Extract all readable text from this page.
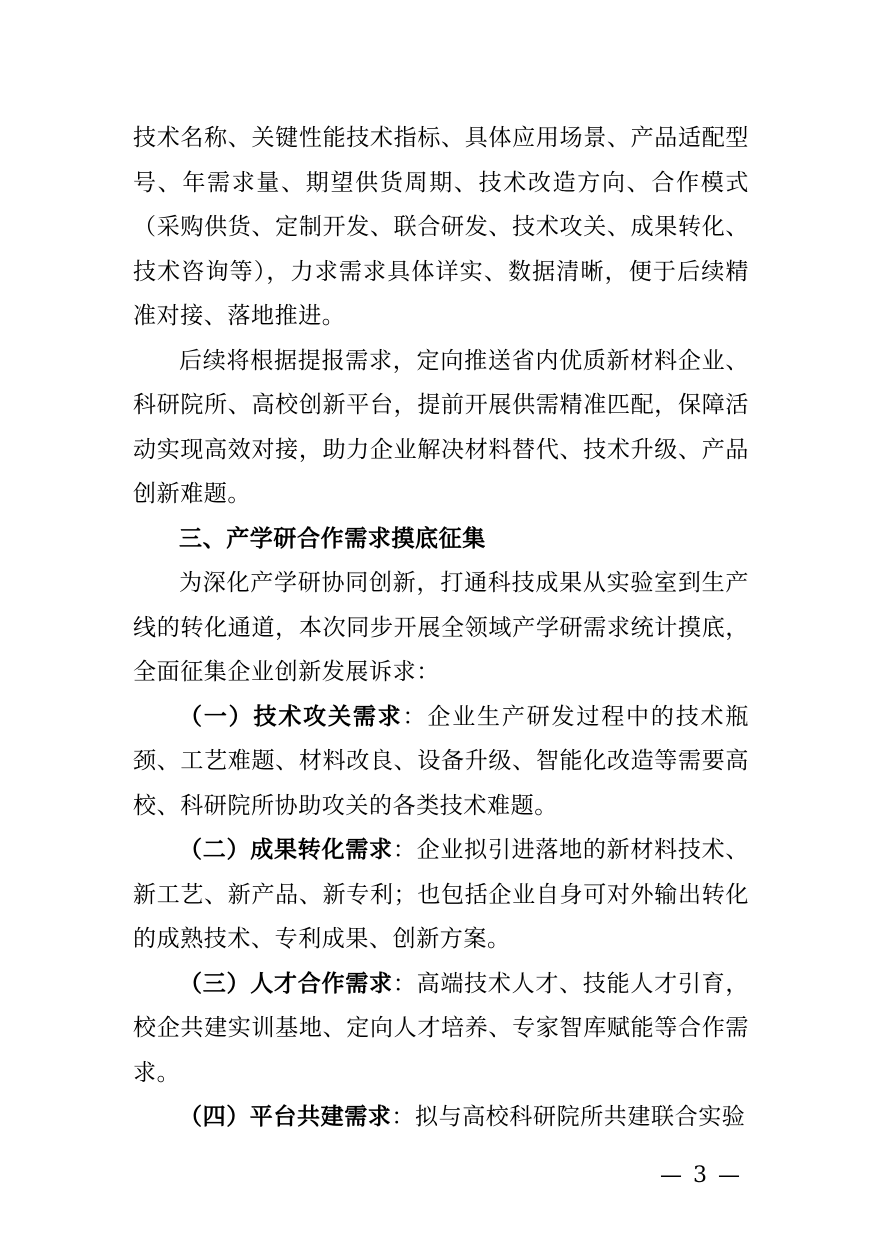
技术名称、关键性能技术指标、具体应用场景、产品适配型号、年需求量、期望供货周期、技术改造方向、合作模式（采购供货、定制开发、联合研发、技术攻关、成果转化、技术咨询等），力求需求具体详实、数据清晰，便于后续精准对接、落地推进。

后续将根据提报需求，定向推送省内优质新材料企业、科研院所、高校创新平台，提前开展供需精准匹配，保障活动实现高效对接，助力企业解决材料替代、技术升级、产品创新难题。

三、产学研合作需求摸底征集

为深化产学研协同创新，打通科技成果从实验室到生产线的转化通道，本次同步开展全领域产学研需求统计摸底，全面征集企业创新发展诉求：

（一）技术攻关需求：企业生产研发过程中的技术瓶颈、工艺难题、材料改良、设备升级、智能化改造等需要高校、科研院所协助攻关的各类技术难题。

（二）成果转化需求：企业拟引进落地的新材料技术、新工艺、新产品、新专利；也包括企业自身可对外输出转化的成熟技术、专利成果、创新方案。

（三）人才合作需求：高端技术人才、技能人才引育，校企共建实训基地、定向人才培养、专家智库赋能等合作需求。

（四）平台共建需求：拟与高校科研院所共建联合实验

— 3 —
